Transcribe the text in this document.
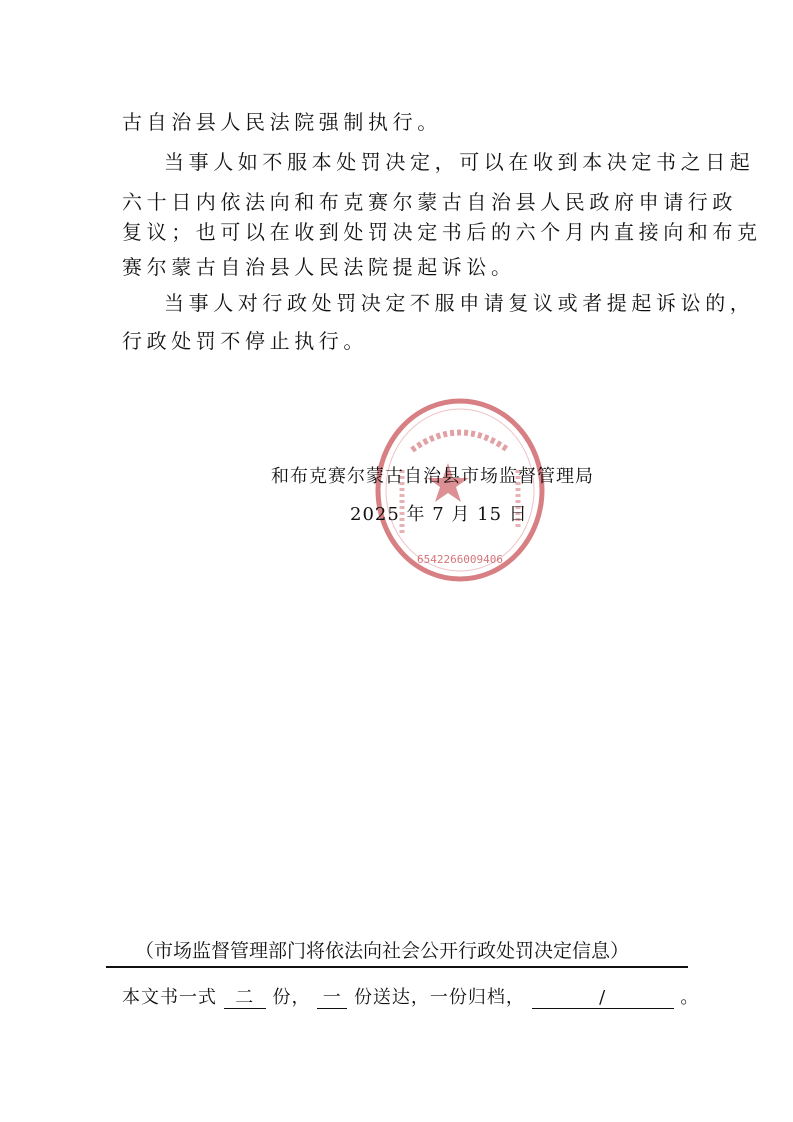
古自治县人民法院强制执行。
当事人如不服本处罚决定，可以在收到本决定书之日起
六十日内依法向和布克赛尔蒙古自治县人民政府申请行政
复议；也可以在收到处罚决定书后的六个月内直接向和布克
赛尔蒙古自治县人民法院提起诉讼。
当事人对行政处罚决定不服申请复议或者提起诉讼的，
行政处罚不停止执行。
6542266009406
和布克赛尔蒙古自治县市场监督管理局
2025 年 7 月 15 日
（市场监督管理部门将依法向社会公开行政处罚决定信息）
本文书一式 二 份， 一 份送达，一份归档，	/	。
